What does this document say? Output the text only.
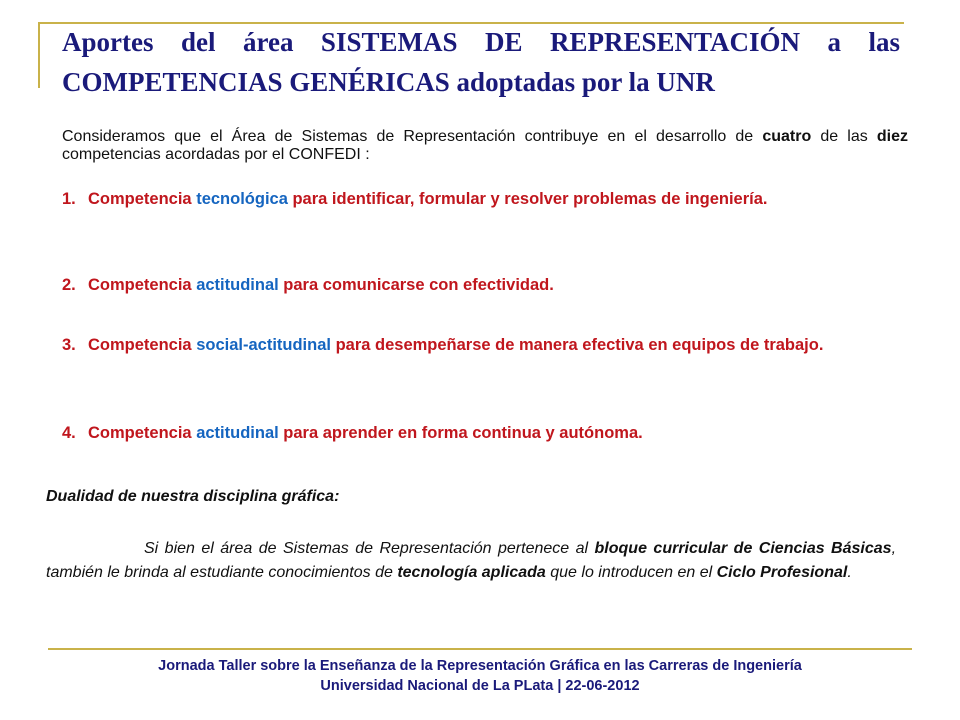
Aportes del área SISTEMAS DE REPRESENTACIÓN a las COMPETENCIAS GENÉRICAS adoptadas por la UNR

Consideramos que el Área de Sistemas de Representación contribuye en el desarrollo de cuatro de las diez competencias acordadas por el CONFEDI :

1. Competencia tecnológica para identificar, formular y resolver problemas de ingeniería.
2. Competencia actitudinal para comunicarse con efectividad.
3. Competencia social-actitudinal para desempeñarse de manera efectiva en equipos de trabajo.
4. Competencia actitudinal para aprender en forma continua y autónoma.
Dualidad de nuestra disciplina gráfica:

Si bien el área de Sistemas de Representación pertenece al bloque curricular de Ciencias Básicas, también le brinda al estudiante conocimientos de tecnología aplicada que lo introducen en el Ciclo Profesional.

Jornada Taller sobre la Enseñanza de la Representación Gráfica en las Carreras de Ingeniería
Universidad Nacional de La PLata | 22-06-2012
